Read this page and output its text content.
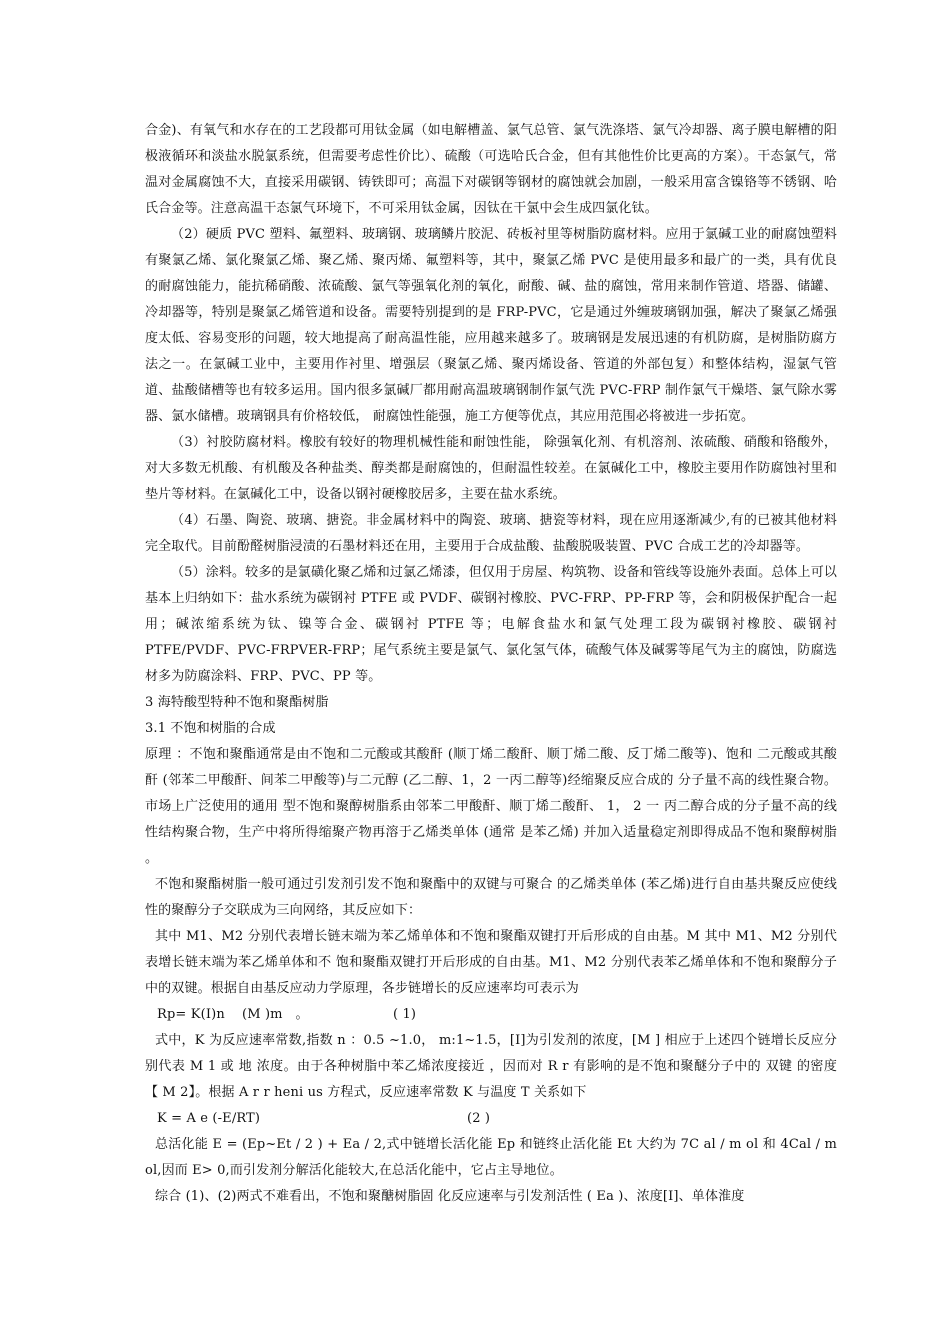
合金)、有氧气和水存在的工艺段都可用钛金属（如电解槽盖、氯气总管、氯气洗涤塔、氯气冷却器、离子膜电解槽的阳极液循环和淡盐水脱氯系统，但需要考虑性价比）、硫酸（可选哈氏合金，但有其他性价比更高的方案）。干态氯气，常温对金属腐蚀不大，直接采用碳钢、铸铁即可；高温下对碳钢等钢材的腐蚀就会加剧，一般采用富含镍铬等不锈钢、哈氏合金等。注意高温干态氯气环境下，不可采用钛金属，因钛在干氯中会生成四氯化钛。

（2）硬质 PVC 塑料、氟塑料、玻璃钢、玻璃鳞片胶泥、砖板衬里等树脂防腐材料。应用于氯碱工业的耐腐蚀塑料有聚氯乙烯、氯化聚氯乙烯、聚乙烯、聚丙烯、氟塑料等，其中，聚氯乙烯 PVC 是使用最多和最广的一类，具有优良的耐腐蚀能力，能抗稀硝酸、浓硫酸、氯气等强氧化剂的氧化，耐酸、碱、盐的腐蚀，常用来制作管道、塔器、储罐、冷却器等，特别是聚氯乙烯管道和设备。需要特别提到的是 FRP-PVC，它是通过外缠玻璃钢加强，解决了聚氯乙烯强度太低、容易变形的问题，较大地提高了耐高温性能，应用越来越多了。玻璃钢是发展迅速的有机防腐，是树脂防腐方法之一。在氯碱工业中，主要用作衬里、增强层（聚氯乙烯、聚丙烯设备、管道的外部包复）和整体结构，湿氯气管道、盐酸储槽等也有较多运用。国内很多氯碱厂都用耐高温玻璃钢制作氯气洗 PVC-FRP 制作氯气干燥塔、氯气除水雾器、氯水储槽。玻璃钢具有价格较低， 耐腐蚀性能强，施工方便等优点，其应用范围必将被进一步拓宽。

（3）衬胶防腐材料。橡胶有较好的物理机械性能和耐蚀性能， 除强氧化剂、有机溶剂、浓硫酸、硝酸和铬酸外，对大多数无机酸、有机酸及各种盐类、醇类都是耐腐蚀的，但耐温性较差。在氯碱化工中，橡胶主要用作防腐蚀衬里和垫片等材料。在氯碱化工中，设备以钢衬硬橡胶居多，主要在盐水系统。

（4）石墨、陶瓷、玻璃、搪瓷。非金属材料中的陶瓷、玻璃、搪瓷等材料，现在应用逐渐减少,有的已被其他材料完全取代。目前酚醛树脂浸渍的石墨材料还在用，主要用于合成盐酸、盐酸脱吸装置、PVC 合成工艺的冷却器等。

（5）涂料。较多的是氯磺化聚乙烯和过氯乙烯漆，但仅用于房屋、构筑物、设备和管线等设施外表面。总体上可以基本上归纳如下：盐水系统为碳钢衬 PTFE 或 PVDF、碳钢衬橡胶、PVC-FRP、PP-FRP 等，会和阴极保护配合一起用；碱浓缩系统为钛、镍等合金、碳钢衬 PTFE 等；电解食盐水和氯气处理工段为碳钢衬橡胶、碳钢衬 PTFE/PVDF、PVC-FRPVER-FRP；尾气系统主要是氯气、氯化氢气体，硫酸气体及碱雾等尾气为主的腐蚀，防腐选材多为防腐涂料、FRP、PVC、PP 等。

3 海特酸型特种不饱和聚酯树脂

3.1 不饱和树脂的合成

原理 ：不饱和聚酯通常是由不饱和二元酸或其酸酐 (顺丁烯二酸酐、顺丁烯二酸、反丁烯二酸等)、饱和 二元酸或其酸酐 (邻苯二甲酸酐、间苯二甲酸等)与二元醇 (乙二醇、1，2 一丙二醇等)经缩聚反应合成的 分子量不高的线性聚合物。市场上广泛使用的通用 型不饱和聚醇树脂系由邻苯二甲酸酐、顺丁烯二酸酐、 1， 2 一 丙二醇合成的分子量不高的线性结构聚合物，生产中将所得缩聚产物再溶于乙烯类单体 (通常 是苯乙烯) 并加入适量稳定剂即得成品不饱和聚醇树脂 。

不饱和聚酯树脂一般可通过引发剂引发不饱和聚酯中的双键与可聚合 的乙烯类单体 (苯乙烯)进行自由基共聚反应使线性的聚醇分子交联成为三向网络，其反应如下：

其中 M1、M2 分别代表增长链末端为苯乙烯单体和不饱和聚酯双键打开后形成的自由基。M 其中 M1、M2 分别代表增长链末端为苯乙烯单体和不 饱和聚酯双键打开后形成的自由基。M1、M2 分别代表苯乙烯单体和不饱和聚醇分子中的双键。根据自由基反应动力学原理，各步链增长的反应速率均可表示为

Rp= K(I)n    (M )m   。

	( 1)

式中，K 为反应速率常数,指数 n ：0.5 ~1.0， m:1~1.5，[I]为引发剂的浓度，[M ] 相应于上述四个链增长反应分别代表 M 1 或 地 浓度。由于各种树脂中苯乙烯浓度接近 ，因而对 R r 有影响的是不饱和聚醚分子中的 双键 的密度 【 M 2】。根据 A r r heni us 方程式，反应速率常数 K 与温度 T 关系如下

K = A e (-E/RT)

	(2 )

总活化能 E = (Ep~Et / 2 ) + Ea / 2,式中链增长活化能 Ep 和链终止活化能 Et 大约为 7C al / m ol 和 4Cal / m ol,因而 E> 0,而引发剂分解活化能较大,在总活化能中，它占主导地位。

综合 (1)、(2)两式不难看出，不饱和聚醣树脂固 化反应速率与引发剂活性 ( Ea )、浓度[I]、单体淮度
